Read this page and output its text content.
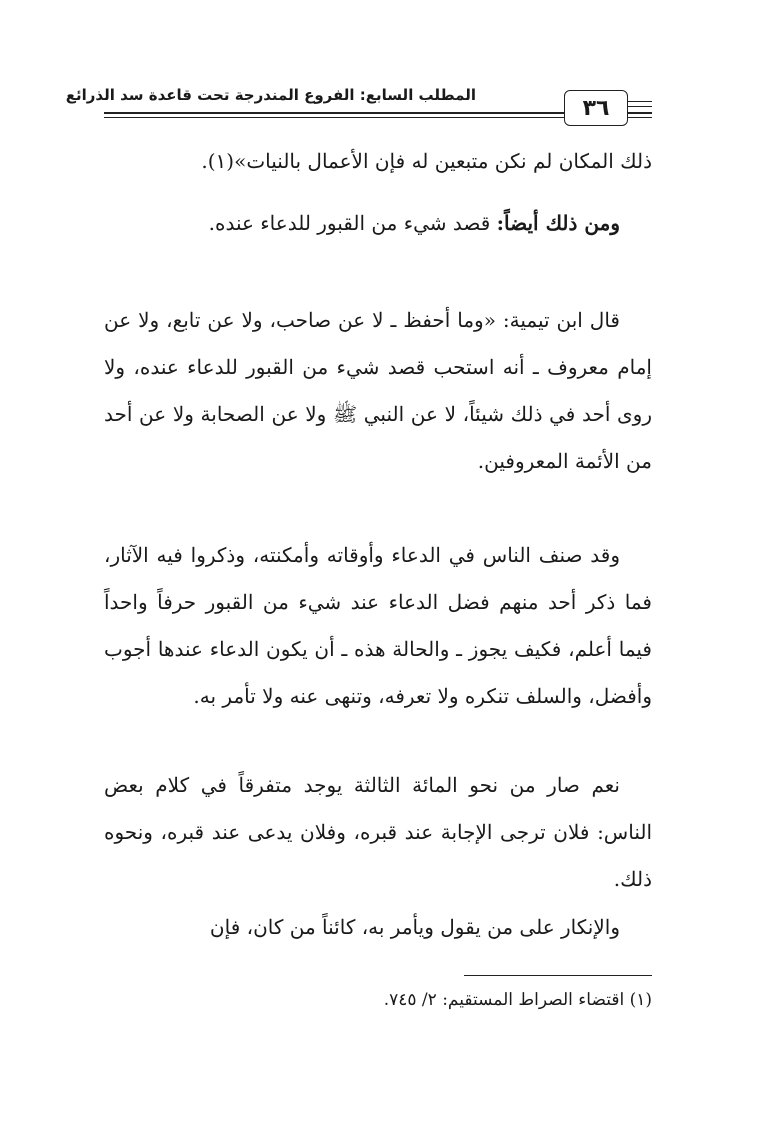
المطلب السابع: الفروع المندرجة تحت قاعدة سد الذرائع
٣٦

ذلك المكان لم نكن متبعين له فإن الأعمال بالنيات»(١).

ومن ذلك أيضاً: قصد شيء من القبور للدعاء عنده.

قال ابن تيمية: «وما أحفظ ـ لا عن صاحب، ولا عن تابع، ولا عن إمام معروف ـ أنه استحب قصد شيء من القبور للدعاء عنده، ولا روى أحد في ذلك شيئاً، لا عن النبي ﷺ ولا عن الصحابة ولا عن أحد من الأئمة المعروفين.

وقد صنف الناس في الدعاء وأوقاته وأمكنته، وذكروا فيه الآثار، فما ذكر أحد منهم فضل الدعاء عند شيء من القبور حرفاً واحداً فيما أعلم، فكيف يجوز ـ والحالة هذه ـ أن يكون الدعاء عندها أجوب وأفضل، والسلف تنكره ولا تعرفه، وتنهى عنه ولا تأمر به.

نعم صار من نحو المائة الثالثة يوجد متفرقاً في كلام بعض الناس: فلان ترجى الإجابة عند قبره، وفلان يدعى عند قبره، ونحوه ذلك.

والإنكار على من يقول ويأمر به، كائناً من كان، فإن

(١) اقتضاء الصراط المستقيم: ٢/ ٧٤٥.
